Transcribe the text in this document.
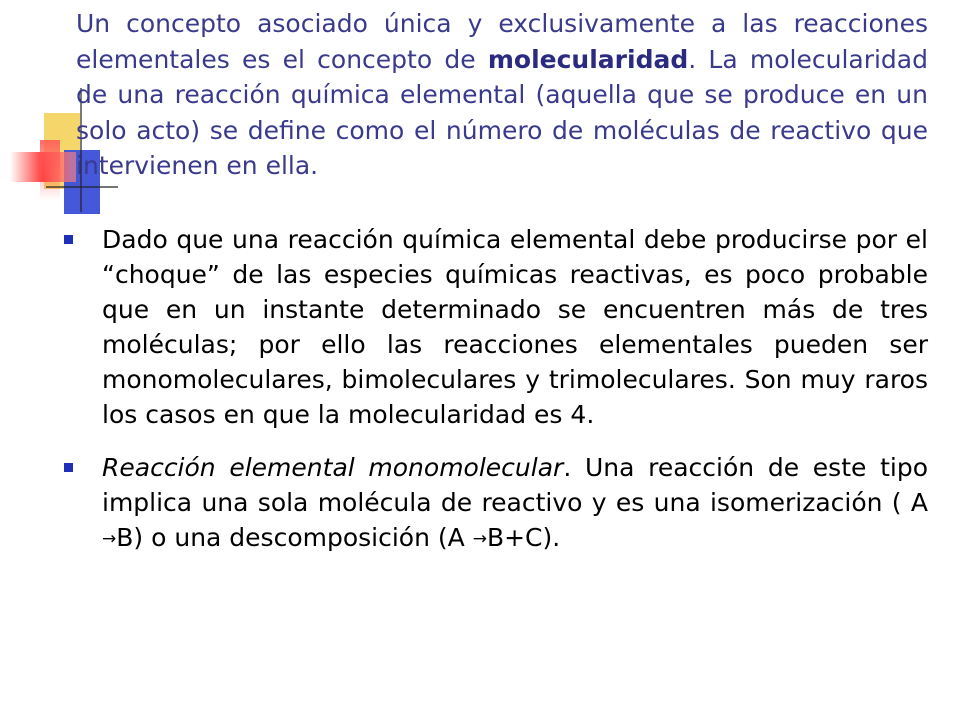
Un concepto asociado única y exclusivamente a las reacciones elementales es el concepto de molecularidad. La molecularidad de una reacción química elemental (aquella que se produce en un solo acto) se define como el número de moléculas de reactivo que intervienen en ella.

Dado que una reacción química elemental debe producirse por el “choque” de las especies químicas reactivas, es poco probable que en un instante determinado se encuentren más de tres moléculas; por ello las reacciones elementales pueden ser monomoleculares, bimoleculares y trimoleculares. Son muy raros los casos en que la molecularidad es 4.
Reacción elemental monomolecular. Una reacción de este tipo implica una sola molécula de reactivo y es una isomerización ( A →B) o una descomposición (A →B+C).
